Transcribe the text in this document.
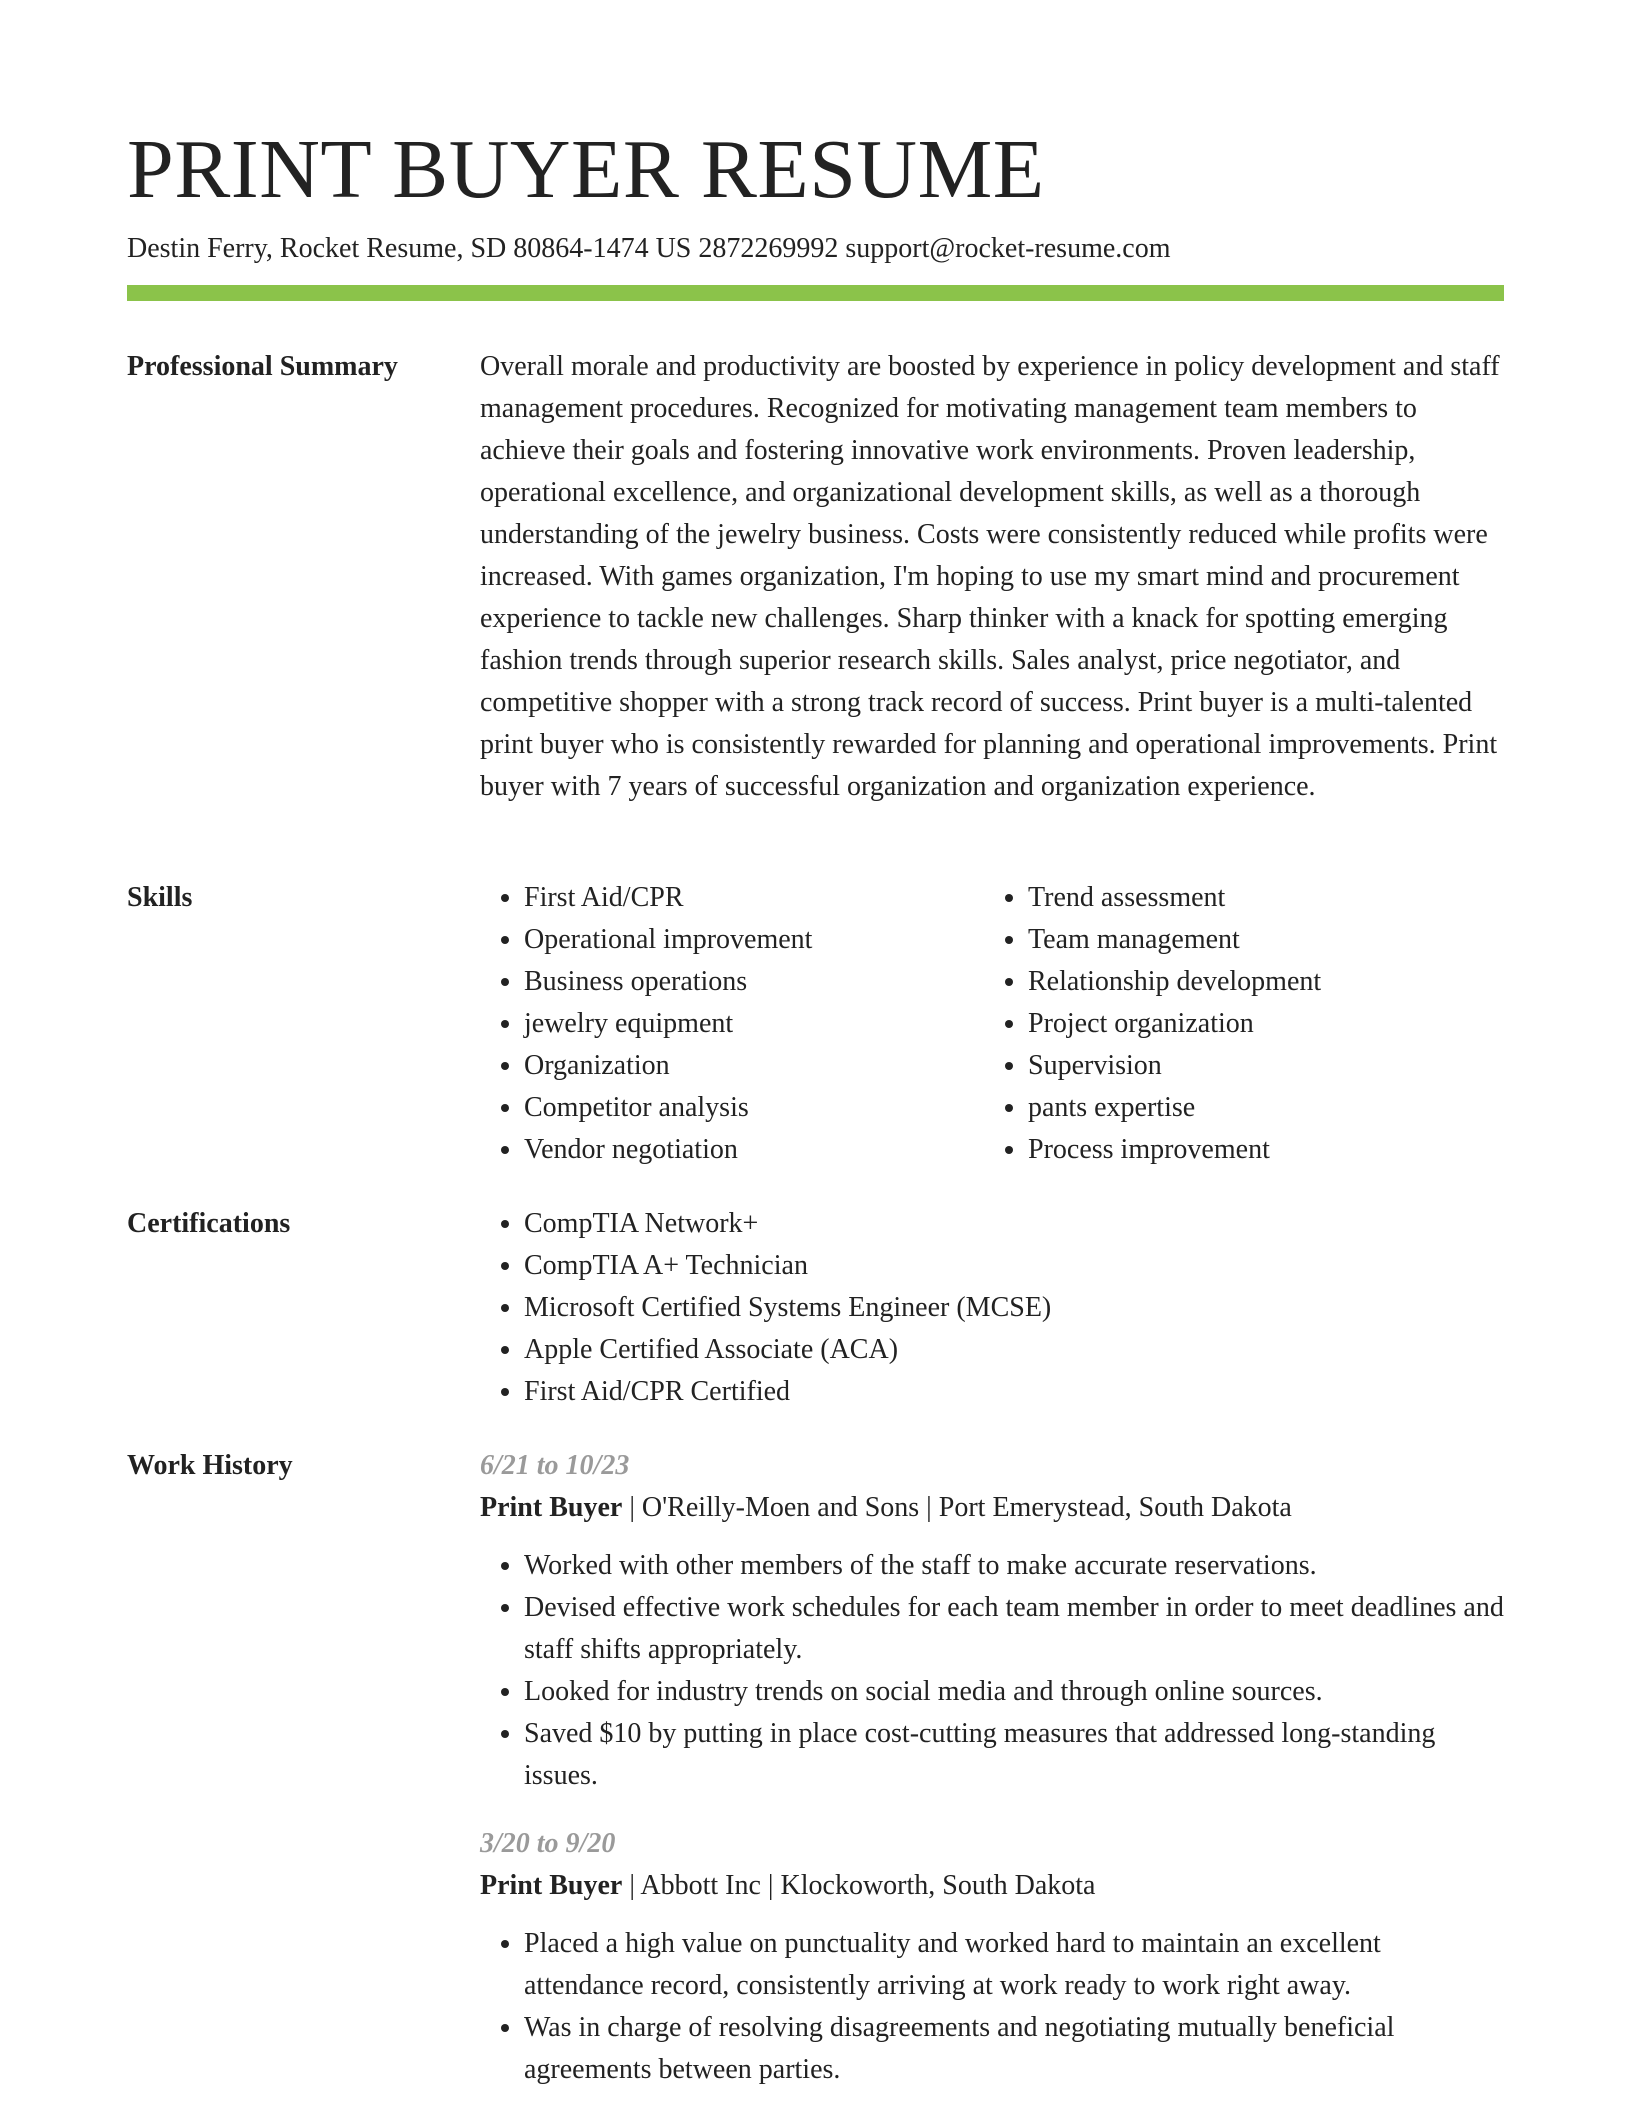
PRINT BUYER RESUME
Destin Ferry, Rocket Resume, SD 80864-1474 US 2872269992 support@rocket-resume.com
Professional Summary	Overall morale and productivity are boosted by experience in policy development and staff management procedures. Recognized for motivating management team members to achieve their goals and fostering innovative work environments. Proven leadership, operational excellence, and organizational development skills, as well as a thorough understanding of the jewelry business. Costs were consistently reduced while profits were increased. With games organization, I'm hoping to use my smart mind and procurement experience to tackle new challenges. Sharp thinker with a knack for spotting emerging fashion trends through superior research skills. Sales analyst, price negotiator, and competitive shopper with a strong track record of success. Print buyer is a multi-talented print buyer who is consistently rewarded for planning and operational improvements. Print buyer with 7 years of successful organization and organization experience.

Skills	• First Aid/CPR
• Operational improvement
• Business operations
• jewelry equipment
• Organization
• Competitor analysis
• Vendor negotiation
• Trend assessment
• Team management
• Relationship development
• Project organization
• Supervision
• pants expertise
• Process improvement
Certifications	• CompTIA Network+
• CompTIA A+ Technician
• Microsoft Certified Systems Engineer (MCSE)
• Apple Certified Associate (ACA)
• First Aid/CPR Certified
Work History	6/21 to 10/23
Print Buyer | O'Reilly-Moen and Sons | Port Emerystead, South Dakota
• Worked with other members of the staff to make accurate reservations.
• Devised effective work schedules for each team member in order to meet deadlines and staff shifts appropriately.
• Looked for industry trends on social media and through online sources.
• Saved $10 by putting in place cost-cutting measures that addressed long-standing issues.
3/20 to 9/20
Print Buyer | Abbott Inc | Klockoworth, South Dakota
• Placed a high value on punctuality and worked hard to maintain an excellent attendance record, consistently arriving at work ready to work right away.
• Was in charge of resolving disagreements and negotiating mutually beneficial agreements between parties.
